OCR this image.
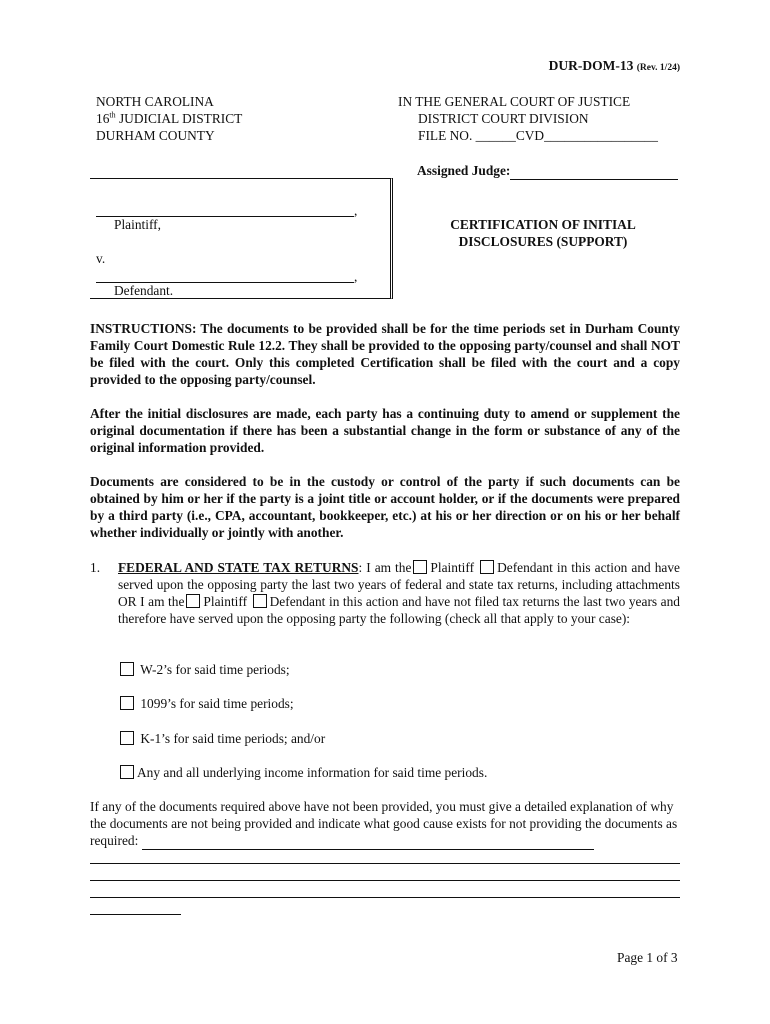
DUR-DOM-13 (Rev. 1/24)
NORTH CAROLINA
16th JUDICIAL DISTRICT
DURHAM COUNTY
IN THE GENERAL COURT OF JUSTICE
DISTRICT COURT DIVISION
FILE NO. ______CVD_________________
Assigned Judge:
,
Plaintiff,
v.
,
Defendant.
CERTIFICATION OF INITIAL
DISCLOSURES (SUPPORT)
INSTRUCTIONS: The documents to be provided shall be for the time periods set in Durham County Family Court Domestic Rule 12.2. They shall be provided to the opposing party/counsel and shall NOT be filed with the court. Only this completed Certification shall be filed with the court and a copy provided to the opposing party/counsel.
After the initial disclosures are made, each party has a continuing duty to amend or supplement the original documentation if there has been a substantial change in the form or substance of any of the original information provided.
Documents are considered to be in the custody or control of the party if such documents can be obtained by him or her if the party is a joint title or account holder, or if the documents were prepared by a third party (i.e., CPA, accountant, bookkeeper, etc.) at his or her direction or on his or her behalf whether individually or jointly with another.
1. FEDERAL AND STATE TAX RETURNS: I am the Plaintiff Defendant in this action and have served upon the opposing party the last two years of federal and state tax returns, including attachments OR I am the Plaintiff Defendant in this action and have not filed tax returns the last two years and therefore have served upon the opposing party the following (check all that apply to your case):
W-2’s for said time periods;
1099’s for said time periods;
K-1’s for said time periods; and/or
Any and all underlying income information for said time periods.
If any of the documents required above have not been provided, you must give a detailed explanation of why the documents are not being provided and indicate what good cause exists for not providing the documents as required:
Page 1 of 3
